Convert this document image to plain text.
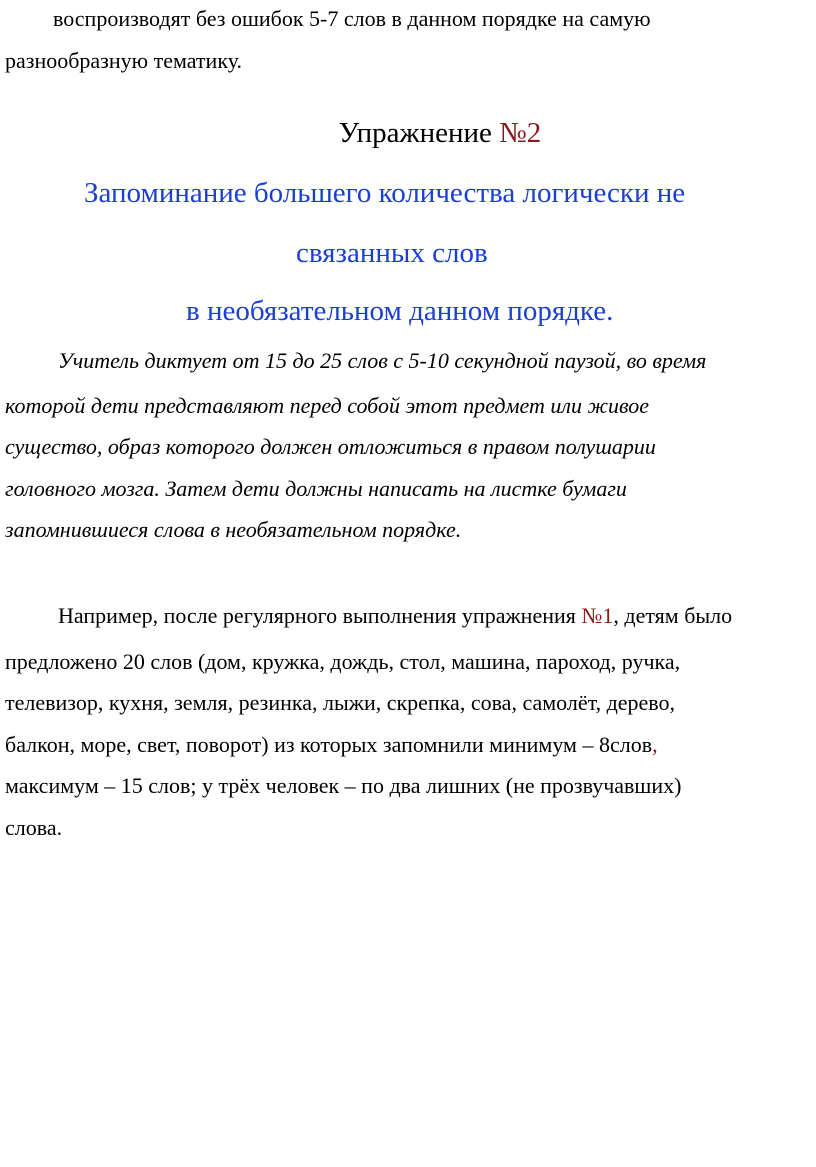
воспроизводят без ошибок 5-7 слов в данном порядке на самую

разнообразную тематику.

Упражнение №2

Запоминание большего количества логически не

связанных слов

в необязательном данном порядке.

Учитель диктует от 15 до 25 слов с 5-10 секундной паузой, во время

которой дети представляют перед собой этот предмет или живое

существо, образ которого должен отложиться в правом полушарии

головного мозга. Затем дети должны написать на листке бумаги

запомнившиеся слова в необязательном порядке.

Например, после регулярного выполнения упражнения №1, детям было

предложено 20 слов (дом, кружка, дождь, стол, машина, пароход, ручка,

телевизор, кухня, земля, резинка, лыжи, скрепка, сова, самолёт, дерево,

балкон, море, свет, поворот) из которых запомнили минимум – 8слов,

максимум – 15 слов; у трёх человек – по два лишних (не прозвучавших)

слова.
